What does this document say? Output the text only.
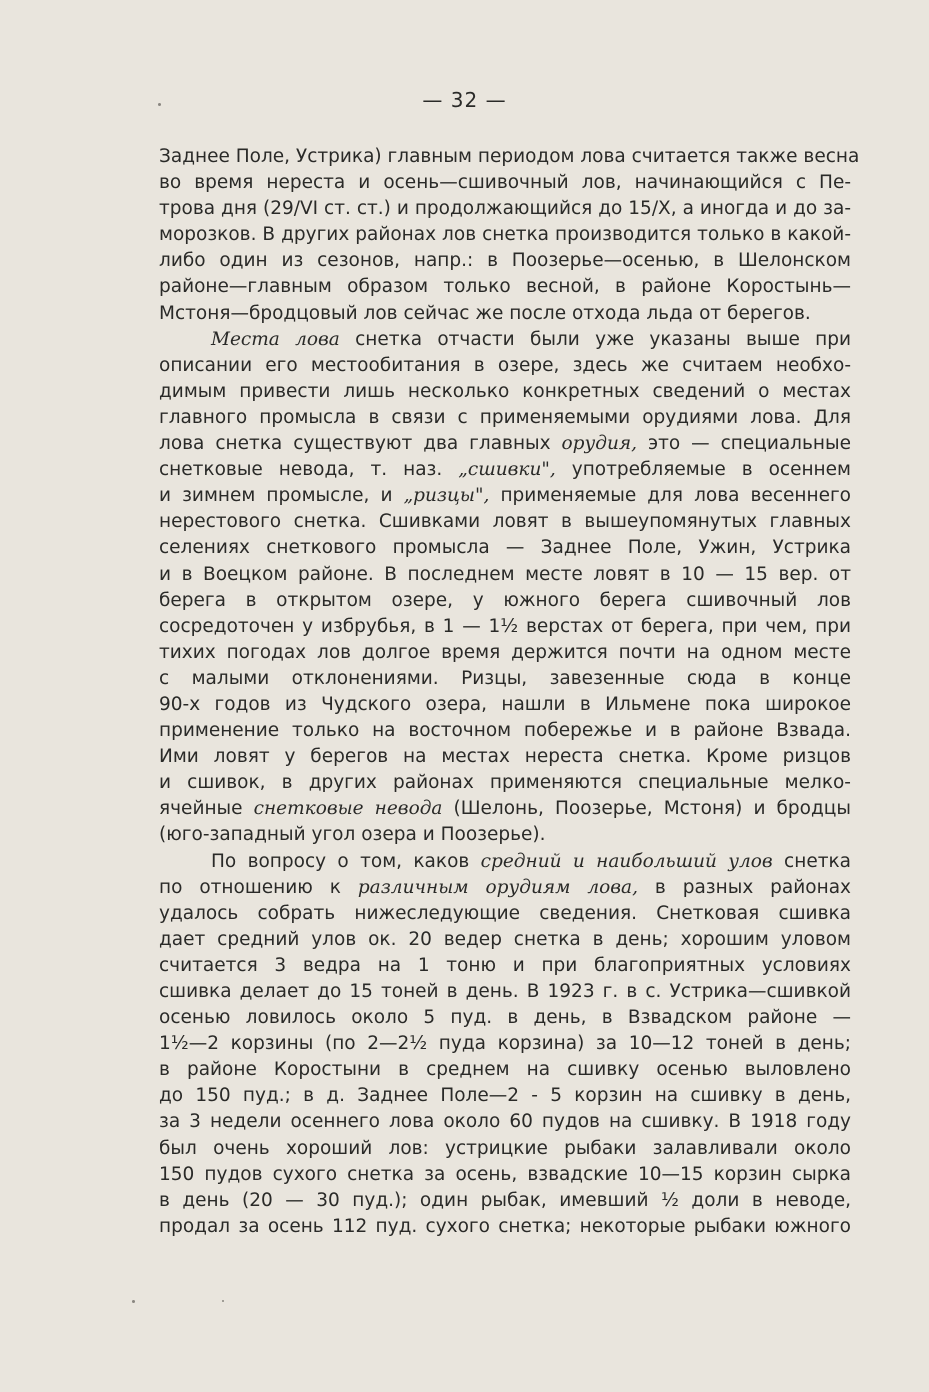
— 32 —
Заднее Поле, Устрика) главным периодом лова считается также весна
во время нереста и осень—сшивочный лов, начинающийся с Пе-
трова дня (29/VI ст. ст.) и продолжающийся до 15/Х, а иногда и до за-
морозков. В других районах лов снетка производится только в какой-
либо один из сезонов, напр.: в Поозерье—осенью, в Шелонском
районе—главным образом только весной, в районе Коростынь—
Мстоня—бродцовый лов сейчас же после отхода льда от берегов.
Места лова снетка отчасти были уже указаны выше при
описании его местообитания в озере, здесь же считаем необхо-
димым привести лишь несколько конкретных сведений о местах
главного промысла в связи с применяемыми орудиями лова. Для
лова снетка существуют два главных орудия, это — специальные
снетковые невода, т. наз. „сшивки", употребляемые в осеннем
и зимнем промысле, и „ризцы", применяемые для лова весеннего
нерестового снетка. Сшивками ловят в вышеупомянутых главных
селениях снеткового промысла — Заднее Поле, Ужин, Устрика
и в Воецком районе. В последнем месте ловят в 10 — 15 вер. от
берега в открытом озере, у южного берега сшивочный лов
сосредоточен у избрубья, в 1 — 1½ верстах от берега, при чем, при
тихих погодах лов долгое время держится почти на одном месте
с малыми отклонениями. Ризцы, завезенные сюда в конце
90-х годов из Чудского озера, нашли в Ильмене пока широкое
применение только на восточном побережье и в районе Взвада.
Ими ловят у берегов на местах нереста снетка. Кроме ризцов
и сшивок, в других районах применяются специальные мелко-
ячейные снетковые невода (Шелонь, Поозерье, Мстоня) и бродцы
(юго-западный угол озера и Поозерье).
По вопросу о том, каков средний и наибольший улов снетка
по отношению к различным орудиям лова, в разных районах
удалось собрать нижеследующие сведения. Снетковая сшивка
дает средний улов ок. 20 ведер снетка в день; хорошим уловом
считается 3 ведра на 1 тоню и при благоприятных условиях
сшивка делает до 15 тоней в день. В 1923 г. в с. Устрика—сшивкой
осенью ловилось около 5 пуд. в день, в Взвадском районе —
1½—2 корзины (по 2—2½ пуда корзина) за 10—12 тоней в день;
в районе Коростыни в среднем на сшивку осенью выловлено
до 150 пуд.; в д. Заднее Поле—2 - 5 корзин на сшивку в день,
за 3 недели осеннего лова около 60 пудов на сшивку. В 1918 году
был очень хороший лов: устрицкие рыбаки залавливали около
150 пудов сухого снетка за осень, взвадские 10—15 корзин сырка
в день (20 — 30 пуд.); один рыбак, имевший ½ доли в неводе,
продал за осень 112 пуд. сухого снетка; некоторые рыбаки южного
